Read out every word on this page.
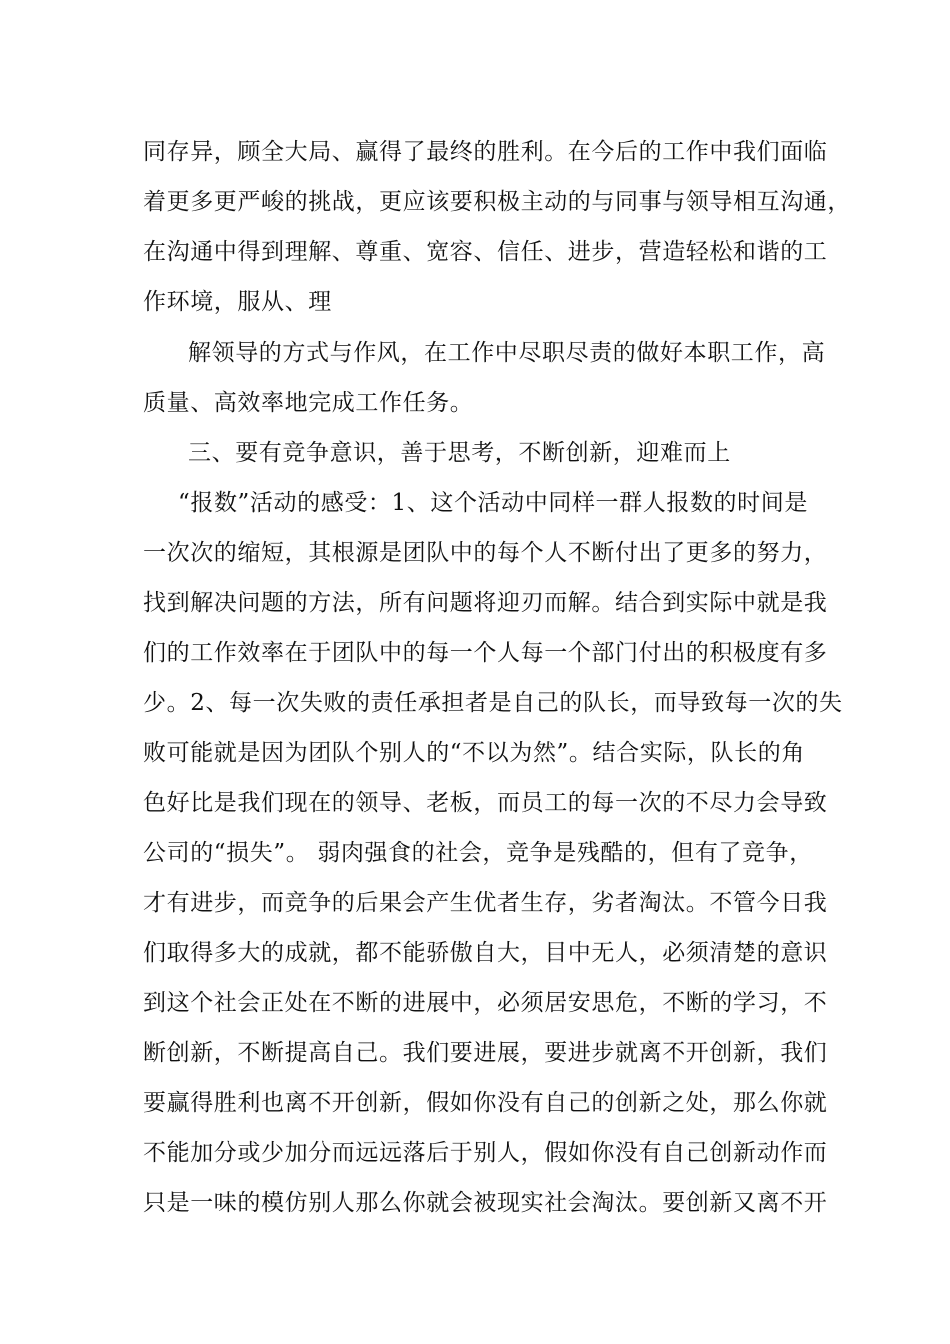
同存异，顾全大局、赢得了最终的胜利。在今后的工作中我们面临
着更多更严峻的挑战，更应该要积极主动的与同事与领导相互沟通，
在沟通中得到理解、尊重、宽容、信任、进步，营造轻松和谐的工
作环境，服从、理
解领导的方式与作风，在工作中尽职尽责的做好本职工作，高
质量、高效率地完成工作任务。
三、要有竞争意识，善于思考，不断创新，迎难而上
“报数”活动的感受：1、这个活动中同样一群人报数的时间是
一次次的缩短，其根源是团队中的每个人不断付出了更多的努力，
找到解决问题的方法，所有问题将迎刃而解。结合到实际中就是我
们的工作效率在于团队中的每一个人每一个部门付出的积极度有多
少。2、每一次失败的责任承担者是自己的队长，而导致每一次的失
败可能就是因为团队个别人的“不以为然”。结合实际，队长的角
色好比是我们现在的领导、老板，而员工的每一次的不尽力会导致
公司的“损失”。 弱肉强食的社会，竞争是残酷的，但有了竞争，
才有进步，而竞争的后果会产生优者生存，劣者淘汰。不管今日我
们取得多大的成就，都不能骄傲自大，目中无人，必须清楚的意识
到这个社会正处在不断的进展中，必须居安思危，不断的学习，不
断创新，不断提高自己。我们要进展，要进步就离不开创新，我们
要赢得胜利也离不开创新，假如你没有自己的创新之处，那么你就
不能加分或少加分而远远落后于别人，假如你没有自己创新动作而
只是一味的模仿别人那么你就会被现实社会淘汰。要创新又离不开
